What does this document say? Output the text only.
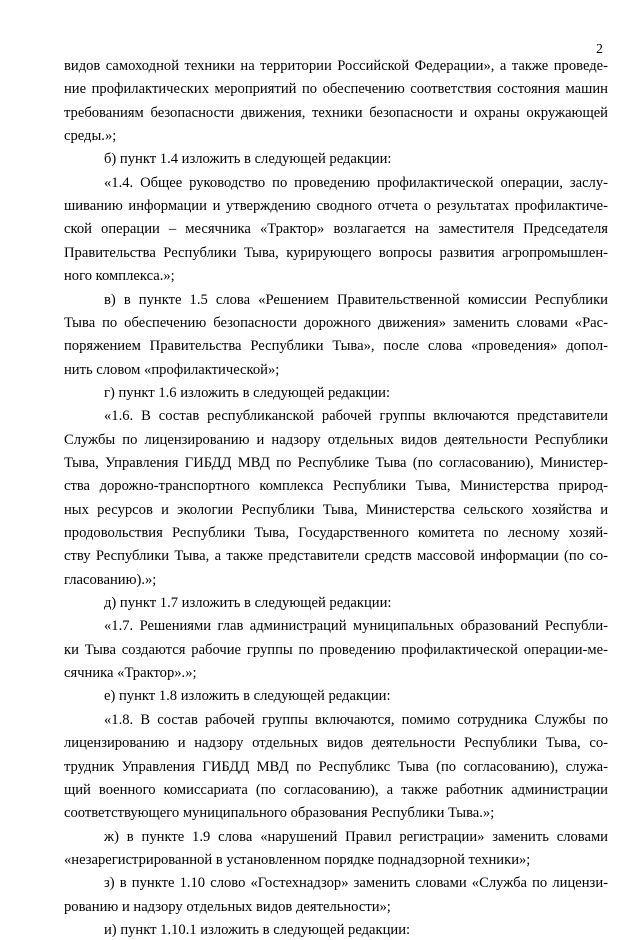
2
видов самоходной техники на территории Российской Федерации», а также проведе-
ние профилактических мероприятий по обеспечению соответствия состояния машин
требованиям безопасности движения, техники безопасности и охраны окружающей
среды.»;
б) пункт 1.4 изложить в следующей редакции:
«1.4. Общее руководство по проведению профилактической операции, заслу-
шиванию информации и утверждению сводного отчета о результатах профилактиче-
ской операции – месячника «Трактор» возлагается на заместителя Председателя
Правительства Республики Тыва, курирующего вопросы развития агропромышлен-
ного комплекса.»;
в) в пункте 1.5 слова «Решением Правительственной комиссии Республики
Тыва по обеспечению безопасности дорожного движения» заменить словами «Рас-
поряжением Правительства Республики Тыва», после слова «проведения» допол-
нить словом «профилактической»;
г) пункт 1.6 изложить в следующей редакции:
«1.6. В состав республиканской рабочей группы включаются представители
Службы по лицензированию и надзору отдельных видов деятельности Республики
Тыва, Управления ГИБДД МВД по Республике Тыва (по согласованию), Министер-
ства дорожно-транспортного комплекса Республики Тыва, Министерства природ-
ных ресурсов и экологии Республики Тыва, Министерства сельского хозяйства и
продовольствия Республики Тыва, Государственного комитета по лесному хозяй-
ству Республики Тыва, а также представители средств массовой информации (по со-
гласованию).»;
д) пункт 1.7 изложить в следующей редакции:
«1.7. Решениями глав администраций муниципальных образований Республи-
ки Тыва создаются рабочие группы по проведению профилактической операции-ме-
сячника «Трактор».»;
е) пункт 1.8 изложить в следующей редакции:
«1.8. В состав рабочей группы включаются, помимо сотрудника Службы по
лицензированию и надзору отдельных видов деятельности Республики Тыва, со-
трудник Управления ГИБДД МВД по Республикс Тыва (по согласованию), служа-
щий военного комиссариата (по согласованию), а также работник администрации
соответствующего муниципального образования Республики Тыва.»;
ж) в пункте 1.9 слова «нарушений Правил регистрации» заменить словами
«незарегистрированной в установленном порядке поднадзорной техники»;
з) в пункте 1.10 слово «Гостехнадзор» заменить словами «Служба по лицензи-
рованию и надзору отдельных видов деятельности»;
и) пункт 1.10.1 изложить в следующей редакции:
